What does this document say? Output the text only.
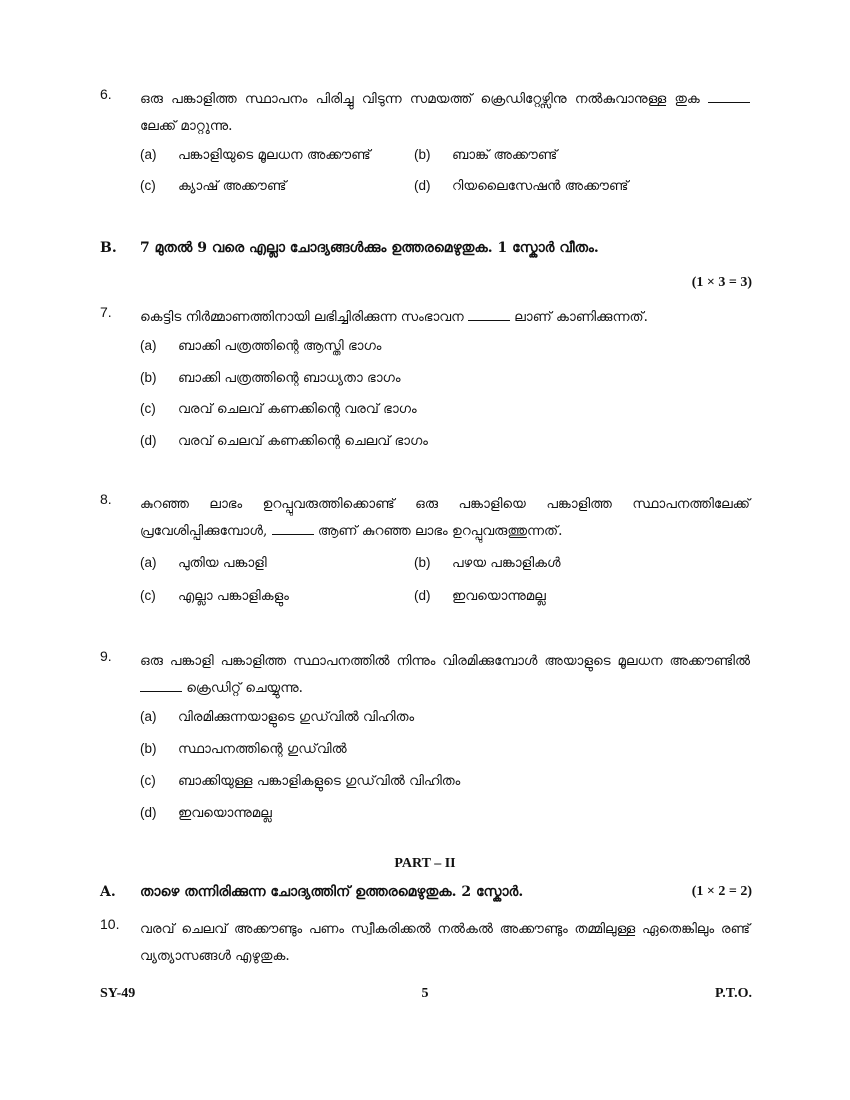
6. ഒരു പങ്കാളിത്ത സ്ഥാപനം പിരിച്ചു വിടുന്ന സമയത്ത് ക്രെഡിറ്റേഴ്സിനു നൽകുവാനുള്ള തുക  ലേക്ക് മാറ്റുന്നു.
(a) പങ്കാളിയുടെ മൂലധന അക്കൗണ്ട്	(b) ബാങ്ക് അക്കൗണ്ട്
(c) ക്യാഷ് അക്കൗണ്ട്	(d) റിയലൈസേഷൻ അക്കൗണ്ട്
B. 7 മുതൽ 9 വരെ എല്ലാ ചോദ്യങ്ങൾക്കും ഉത്തരമെഴുതുക. 1 സ്കോർ വീതം.
(1 × 3 = 3)
7. കെട്ടിട നിർമ്മാണത്തിനായി ലഭിച്ചിരിക്കുന്ന സംഭാവന	ലാണ് കാണിക്കുന്നത്.
(a) ബാക്കി പത്രത്തിന്റെ ആസ്തി ഭാഗം
(b) ബാക്കി പത്രത്തിന്റെ ബാധ്യതാ ഭാഗം
(c) വരവ് ചെലവ് കണക്കിന്റെ വരവ് ഭാഗം
(d) വരവ് ചെലവ് കണക്കിന്റെ ചെലവ് ഭാഗം
8. കുറഞ്ഞ ലാഭം ഉറപ്പുവരുത്തിക്കൊണ്ട് ഒരു പങ്കാളിയെ പങ്കാളിത്ത സ്ഥാപനത്തിലേക്ക് പ്രവേശിപ്പിക്കുമ്പോൾ,	ആണ് കുറഞ്ഞ ലാഭം ഉറപ്പുവരുത്തുന്നത്.
(a) പുതിയ പങ്കാളി	(b) പഴയ പങ്കാളികൾ
(c) എല്ലാ പങ്കാളികളും	(d) ഇവയൊന്നുമല്ല
9. ഒരു പങ്കാളി പങ്കാളിത്ത സ്ഥാപനത്തിൽ നിന്നും വിരമിക്കുമ്പോൾ അയാളുടെ മൂലധന അക്കൗണ്ടിൽ  ക്രെഡിറ്റ് ചെയ്യുന്നു.
(a) വിരമിക്കുന്നയാളുടെ ഗുഡ്‌വിൽ വിഹിതം
(b) സ്ഥാപനത്തിന്റെ ഗുഡ്‌വിൽ
(c) ബാക്കിയുള്ള പങ്കാളികളുടെ ഗുഡ്‌വിൽ വിഹിതം
(d) ഇവയൊന്നുമല്ല
PART – II
A. താഴെ തന്നിരിക്കുന്ന ചോദ്യത്തിന് ഉത്തരമെഴുതുക. 2 സ്കോർ.	(1 × 2 = 2)
10. വരവ് ചെലവ് അക്കൗണ്ടും പണം സ്വീകരിക്കൽ നൽകൽ അക്കൗണ്ടും തമ്മിലുള്ള ഏതെങ്കിലും രണ്ട് വ്യത്യാസങ്ങൾ എഴുതുക.
SY-49	5	P.T.O.
